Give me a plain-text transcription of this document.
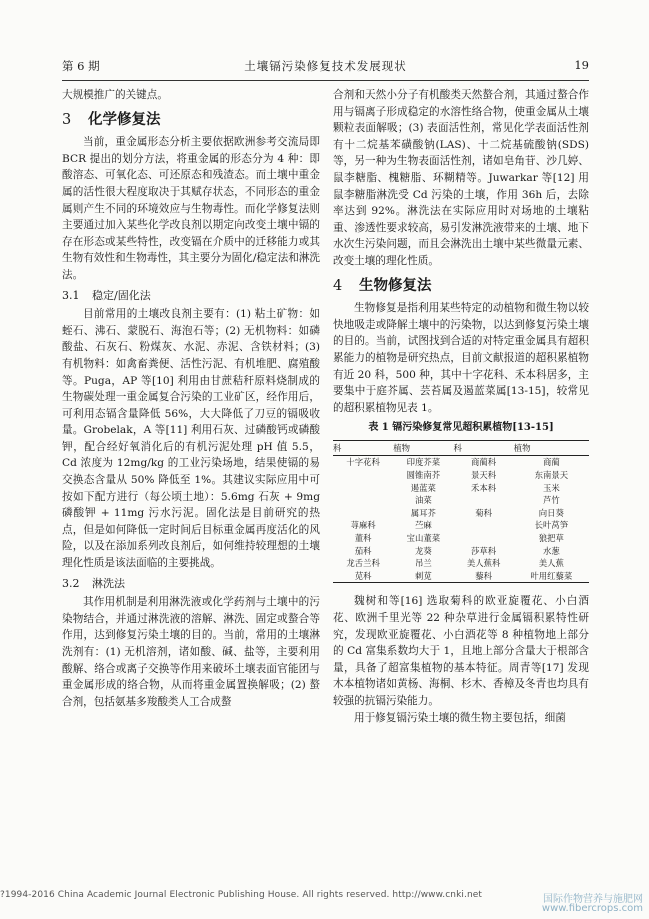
第 6 期	土壤镉污染修复技术发展现状	19

大规模推广的关键点。

3 化学修复法

当前，重金属形态分析主要依据欧洲参考交流局即 BCR 提出的划分方法，将重金属的形态分为 4 种：即酸溶态、可氧化态、可还原态和残渣态。而土壤中重金属的活性很大程度取决于其赋存状态，不同形态的重金属则产生不同的环境效应与生物毒性。而化学修复法则主要通过加入某些化学改良剂以期定向改变土壤中镉的存在形态或某些特性，改变镉在介质中的迁移能力或其生物有效性和生物毒性，其主要分为固化/稳定法和淋洗法。

3.1 稳定/固化法

目前常用的土壤改良剂主要有：(1) 粘土矿物：如蛭石、沸石、蒙脱石、海泡石等；(2) 无机物料：如磷酸盐、石灰石、粉煤灰、水泥、赤泥、含铁材料；(3) 有机物料：如禽畜粪便、活性污泥、有机堆肥、腐殖酸等。Puga，AP 等[10] 利用由甘蔗秸秆原料烧制成的生物碳处理一重金属复合污染的工业矿区，经作用后，可利用态镉含量降低 56%，大大降低了刀豆的镉吸收量。Grobelak，A 等[11] 利用石灰、过磷酸钙或磷酸钾，配合经好氧消化后的有机污泥处理 pH 值 5.5，Cd 浓度为 12mg/kg 的工业污染场地，结果使镉的易交换态含量从 50% 降低至 1%。其建议实际应用中可按如下配方进行（每公顷土地）：5.6mg 石灰 + 9mg 磷酸钾 + 11mg 污水污泥。固化法是目前研究的热点，但是如何降低一定时间后目标重金属再度活化的风险，以及在添加系列改良剂后，如何维持较理想的土壤理化性质是该法面临的主要挑战。

3.2 淋洗法

其作用机制是利用淋洗液或化学药剂与土壤中的污染物结合，并通过淋洗液的溶解、淋洗、固定或螯合等作用，达到修复污染土壤的目的。当前，常用的土壤淋洗剂有：(1) 无机溶剂，诸如酸、碱、盐等，主要利用酸解、络合或离子交换等作用来破坏土壤表面官能团与重金属形成的络合物，从而将重金属置换解吸；(2) 螯合剂，包括氨基多羧酸类人工合成螯

合剂和天然小分子有机酸类天然螯合剂，其通过螯合作用与镉离子形成稳定的水溶性络合物，使重金属从土壤颗粒表面解吸；(3) 表面活性剂，常见化学表面活性剂有十二烷基苯磺酸钠(LAS)、十二烷基硫酸钠(SDS)等，另一种为生物表面活性剂，诸如皂角苷、沙几婷、鼠李糖脂、槐糖脂、环糊精等。Juwarkar 等[12] 用鼠李糖脂淋洗受 Cd 污染的土壤，作用 36h 后，去除率达到 92%。淋洗法在实际应用时对场地的土壤粘重、渗透性要求较高，易引发淋洗液带来的土壤、地下水次生污染问题，而且会淋洗出土壤中某些微量元素、改变土壤的理化性质。

4 生物修复法

生物修复是指利用某些特定的动植物和微生物以较快地吸走或降解土壤中的污染物，以达到修复污染土壤的目的。当前，试图找到合适的对特定重金属具有超积累能力的植物是研究热点，目前文献报道的超积累植物有近 20 科，500 种，其中十字花科、禾本科居多，主要集中于庭芥属、芸苔属及遏蓝菜属[13-15]，较常见的超积累植物见表 1。

表 1 镉污染修复常见超积累植物[13-15]
科	植物	科	植物
十字花科	印度芥菜	商蔺科	商蔺
	圆锥南芥	景天科	东南景天
	遏蓝菜	禾本科	玉米
	油菜		芦竹
	属耳芥	菊科	向日葵
荨麻科	苎麻		长叶莴笋
董科	宝山董菜		狼把草
茄科	龙葵	莎草科	水葱
龙舌兰科	吊兰	美人蕉科	美人蕉
苋科	刺苋	藜科	叶用红藜菜

魏树和等[16] 选取菊科的欧亚旋覆花、小白酒花、欧洲千里光等 22 种杂草进行金属镉积累特性研究，发现欧亚旋覆花、小白酒花等 8 种植物地上部分的 Cd 富集系数均大于 1，且地上部分含量大于根部含量，具备了超富集植物的基本特征。周青等[17] 发现木本植物诸如黄杨、海桐、杉木、香樟及冬青也均具有较强的抗镉污染能力。

用于修复镉污染土壤的微生物主要包括，细菌

?1994-2016 China Academic Journal Electronic Publishing House. All rights reserved. http://www.cnki.net	国际作物营养与施肥网
www.fibercrops.com
